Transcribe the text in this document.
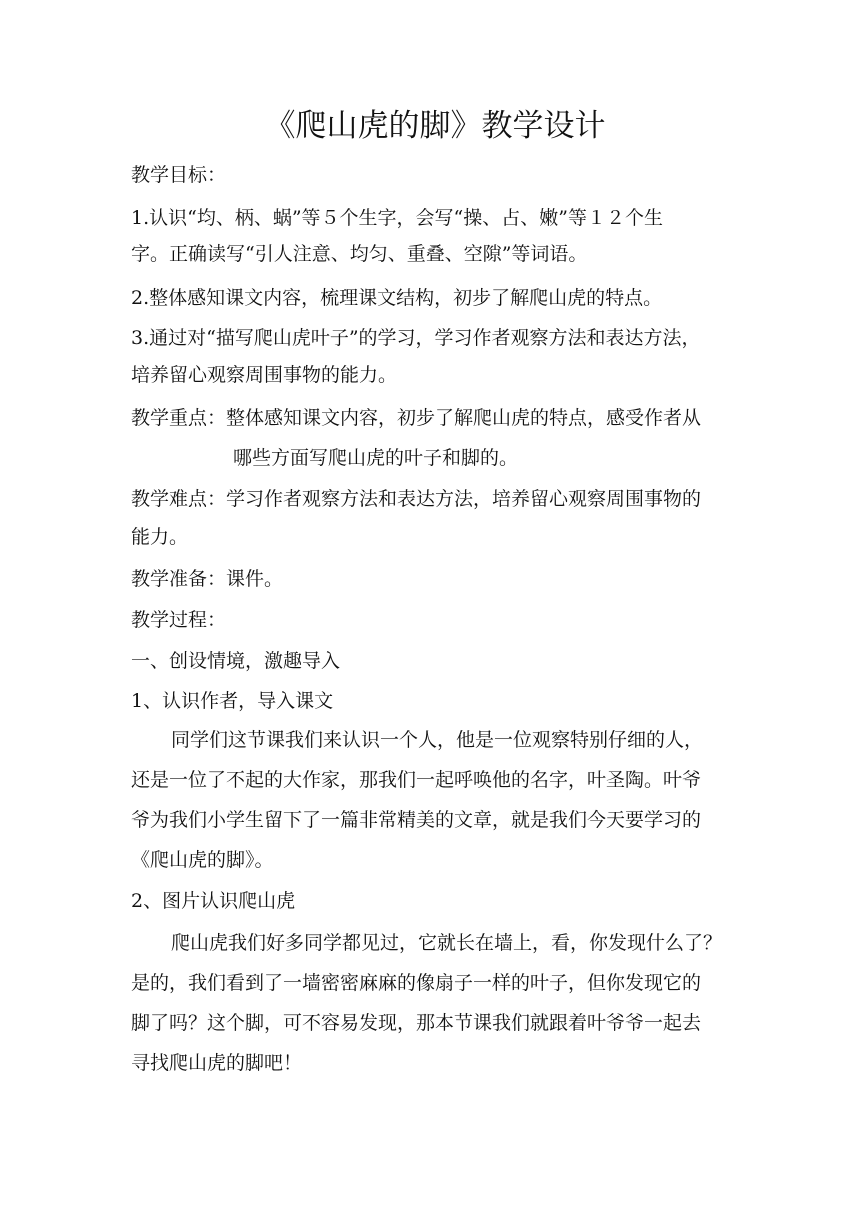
《爬山虎的脚》教学设计
教学目标：
1.认识“均、柄、蜗”等５个生字，会写“操、占、嫩”等１２个生
字。正确读写“引人注意、均匀、重叠、空隙”等词语。
2.整体感知课文内容，梳理课文结构，初步了解爬山虎的特点。
3.通过对“描写爬山虎叶子”的学习，学习作者观察方法和表达方法，
培养留心观察周围事物的能力。
教学重点：整体感知课文内容，初步了解爬山虎的特点，感受作者从
哪些方面写爬山虎的叶子和脚的。
教学难点：学习作者观察方法和表达方法，培养留心观察周围事物的
能力。
教学准备：课件。
教学过程：
一、创设情境，激趣导入
1、认识作者，导入课文
同学们这节课我们来认识一个人，他是一位观察特别仔细的人，
还是一位了不起的大作家，那我们一起呼唤他的名字，叶圣陶。叶爷
爷为我们小学生留下了一篇非常精美的文章，就是我们今天要学习的
《爬山虎的脚》。
2、图片认识爬山虎
爬山虎我们好多同学都见过，它就长在墙上，看，你发现什么了？
是的，我们看到了一墙密密麻麻的像扇子一样的叶子，但你发现它的
脚了吗？这个脚，可不容易发现，那本节课我们就跟着叶爷爷一起去
寻找爬山虎的脚吧！
